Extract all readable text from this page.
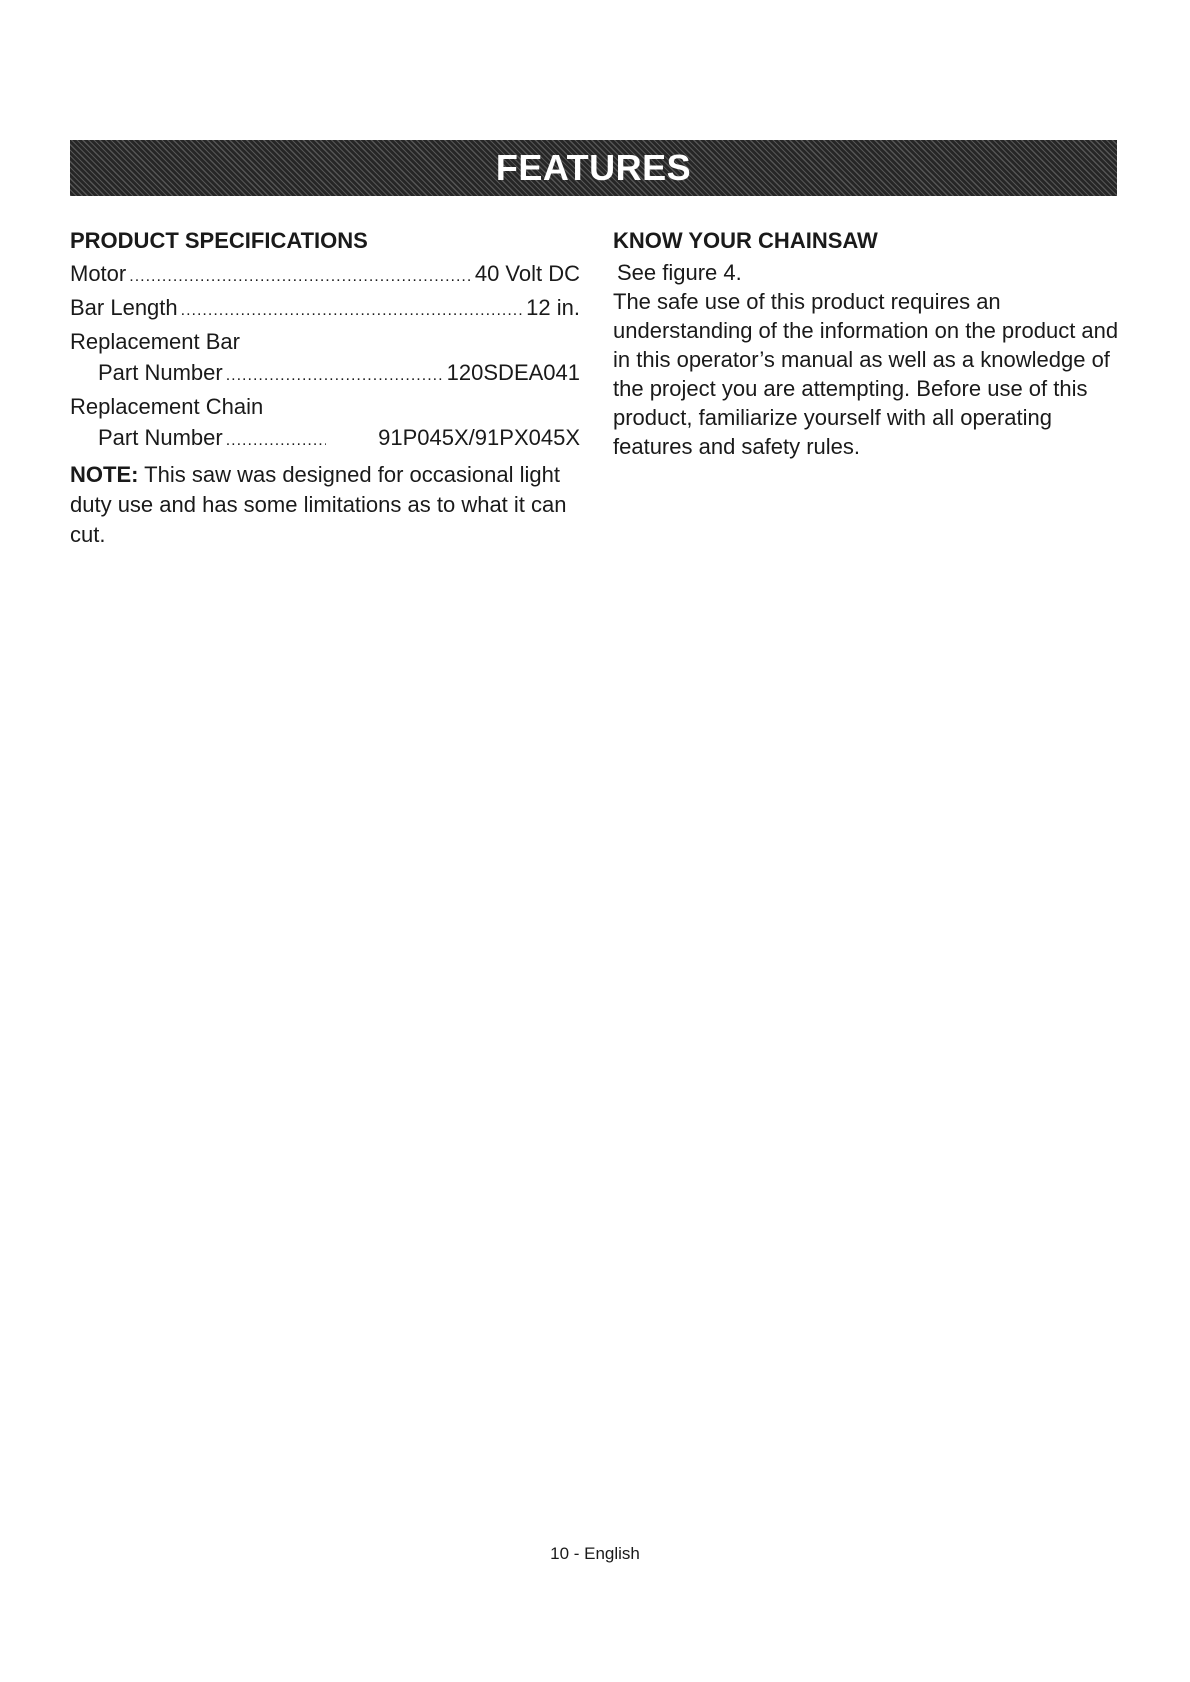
FEATURES
PRODUCT SPECIFICATIONS
Motor .....	40 Volt DC
Bar Length .....	12 in.
Replacement Bar
Part Number .....	120SDEA041
Replacement Chain
Part Number .....	91P045X/91PX045X
NOTE: This saw was designed for occasional light duty use and has some limitations as to what it can cut.
KNOW YOUR CHAINSAW

See figure 4.

The safe use of this product requires an understanding of the information on the product and in this operator’s manual as well as a knowledge of the project you are attempting. Before use of this product, familiarize yourself with all operating features and safety rules.

10 - English
